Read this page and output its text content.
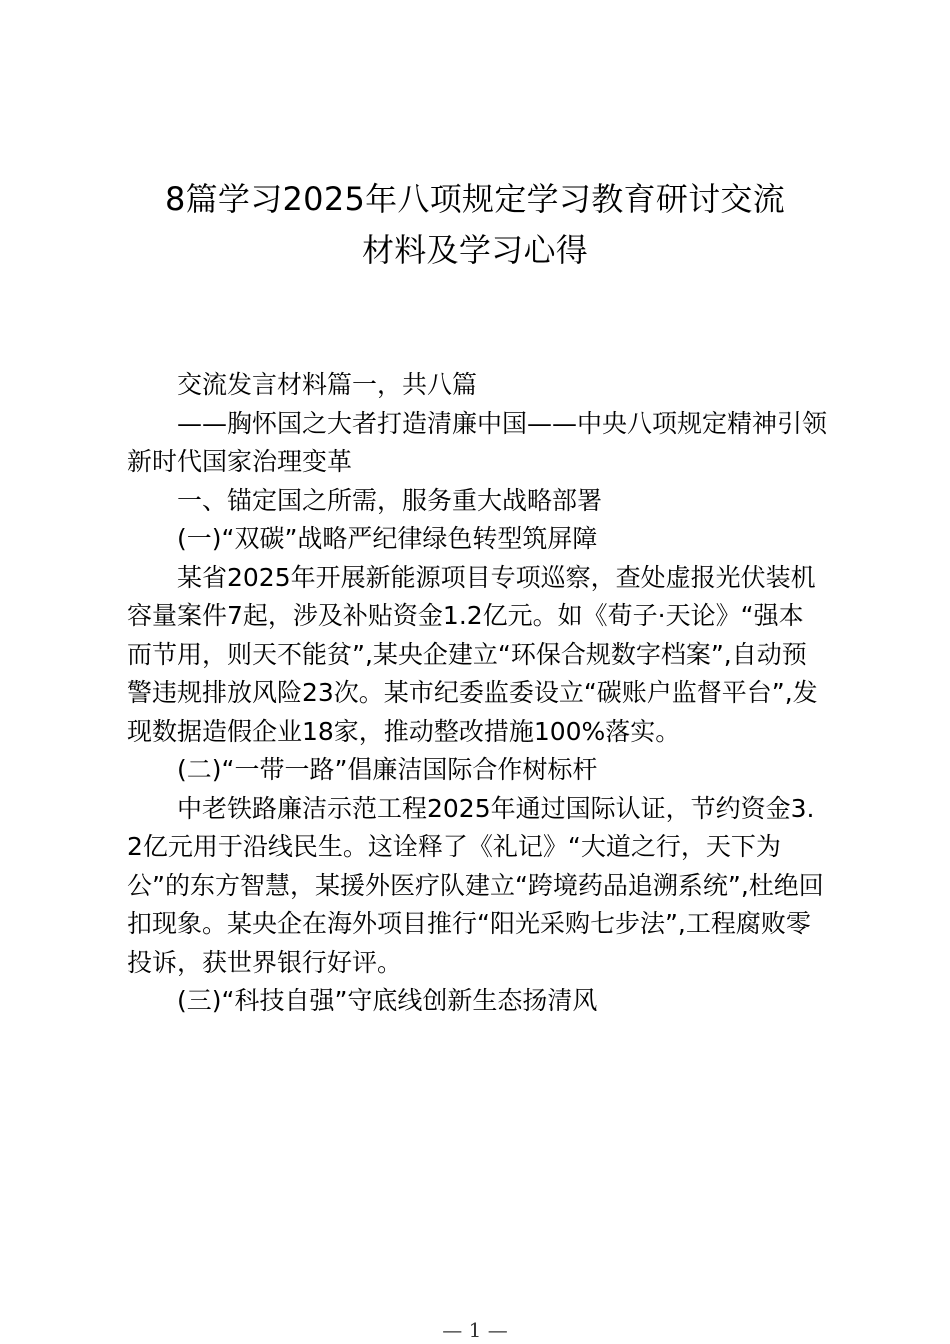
8篇学习2025年八项规定学习教育研讨交流
材料及学习心得

交流发言材料篇一，共八篇

——胸怀国之大者打造清廉中国——中央八项规定精神引领新时代国家治理变革

一、锚定国之所需，服务重大战略部署

(一)“双碳”战略严纪律绿色转型筑屏障

某省2025年开展新能源项目专项巡察，查处虚报光伏装机容量案件7起，涉及补贴资金1.2亿元。如《荀子·天论》“强本而节用，则天不能贫”,某央企建立“环保合规数字档案”,自动预警违规排放风险23次。某市纪委监委设立“碳账户监督平台”,发现数据造假企业18家，推动整改措施100%落实。

(二)“一带一路”倡廉洁国际合作树标杆

中老铁路廉洁示范工程2025年通过国际认证，节约资金3.2亿元用于沿线民生。这诠释了《礼记》“大道之行，天下为公”的东方智慧，某援外医疗队建立“跨境药品追溯系统”,杜绝回扣现象。某央企在海外项目推行“阳光采购七步法”,工程腐败零投诉，获世界银行好评。

(三)“科技自强”守底线创新生态扬清风

— 1 —
